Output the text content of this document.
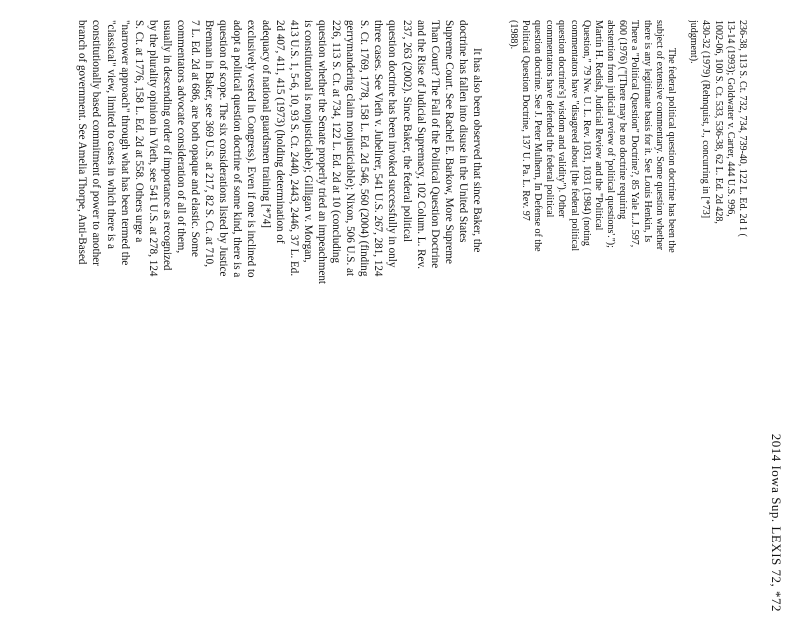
2014 Iowa Sup. LEXIS 72, *72
236-38, 113 S. Ct. 732, 734, 739-40, 122 L. Ed. 2d 1 (
13-14 (1993); Goldwater v. Carter, 444 U.S. 996,
1002-06, 100 S. Ct. 533, 536-38, 62 L. Ed. 2d 428,
430-32 (1979) (Rehnquist, J., concurring in [*73]
judgment).
The federal political question doctrine has been the
subject of extensive commentary. Some question whether
there is any legitimate basis for it. See Louis Henkin, Is
There a "Political Question" Doctrine?, 85 Yale L.J. 597,
600 (1976) ("[There may be no doctrine requiring
abstention from judicial review of 'political questions'.");
Martin H. Redish, Judicial Review and the "Political
Question," 79 Nw. U. L. Rev. 1031, 1031 (1984) (noting
commentators have "disagreed about [the federal political
question doctrine's] wisdom and validity"). Other
commentators have defended the federal political
question doctrine. See J. Peter Mulhern, In Defense of the
Political Question Doctrine, 137 U. Pa. L. Rev. 97
(1988).
It has also been observed that since Baker, the
doctrine has fallen into disuse in the United States
Supreme Court. See Rachel E. Barkow, More Supreme
Than Court? The Fall of the Political Question Doctrine
and the Rise of Judicial Supremacy, 102 Colum. L. Rev.
237, 263 (2002). Since Baker, the federal political
question doctrine has been invoked successfully in only
three cases. See Vieth v. Jubelirer, 541 U.S. 267, 281, 124
S. Ct. 1769, 1778, 158 L. Ed. 2d 546, 560 (2004) (finding
gerrymandering claim nonjusticiable); Nixon, 506 U.S. at
226, 113 S. Ct. at 734, 122 L. Ed. 2d at 10 (concluding
question whether the Senate properly tried an impeachment
is constitutional is nonjusticiable); Gilligan v. Morgan,
413 U.S. 1, 5-6, 10, 93 S. Ct. 2440, 2443, 2446, 37 L. Ed.
2d 407, 411, 415 (1973) (holding determination of
adequacy of national guardsmen training [*74]
exclusively vested in Congress). Even if one is inclined to
adopt a political question doctrine of some kind, there is a
question of scope. The six considerations listed by Justice
Brennan in Baker, see 369 U.S. at 217, 82 S. Ct. at 710,
7 L. Ed. 2d at 686, are both opaque and elastic. Some
commentators advocate consideration of all of them,
usually in descending order of importance as recognized
by the plurality opinion in Vieth, see 541 U.S. at 278, 124
S. Ct. at 1776, 158 L. Ed. 2d at 558. Others urge a
"narrower approach" through what has been termed the
"classical" view, limited to cases in which there is a
constitutionally based commitment of power to another
branch of government. See Amelia Thorpe, Anti-Based
